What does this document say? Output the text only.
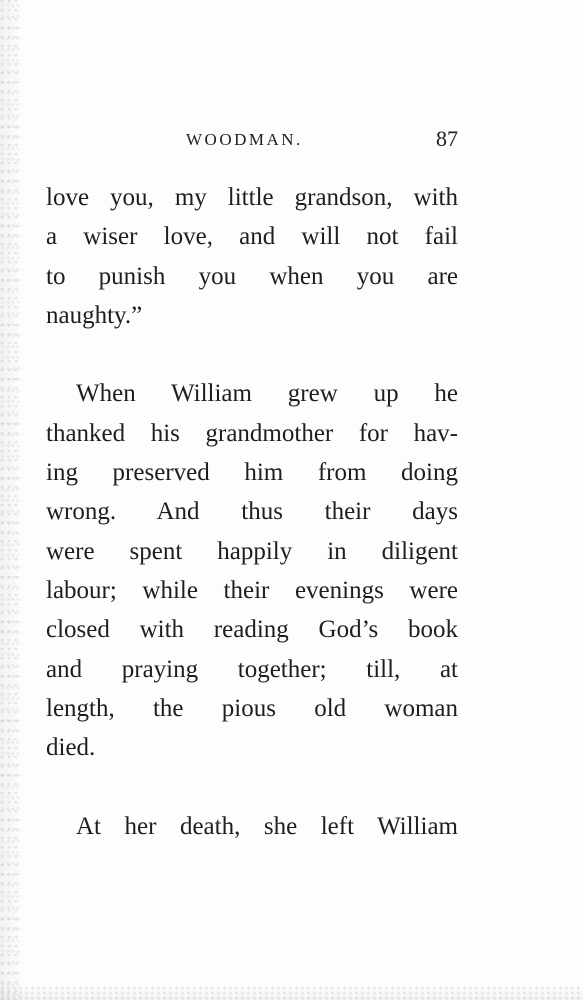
WOODMAN.	87
love you, my little grandson, with
a wiser love, and will not fail
to punish you when you are
naughty.”
When William grew up he
thanked his grandmother for hav-
ing preserved him from doing
wrong. And thus their days
were spent happily in diligent
labour; while their evenings were
closed with reading God’s book
and praying together; till, at
length, the pious old woman
died.
At her death, she left William
